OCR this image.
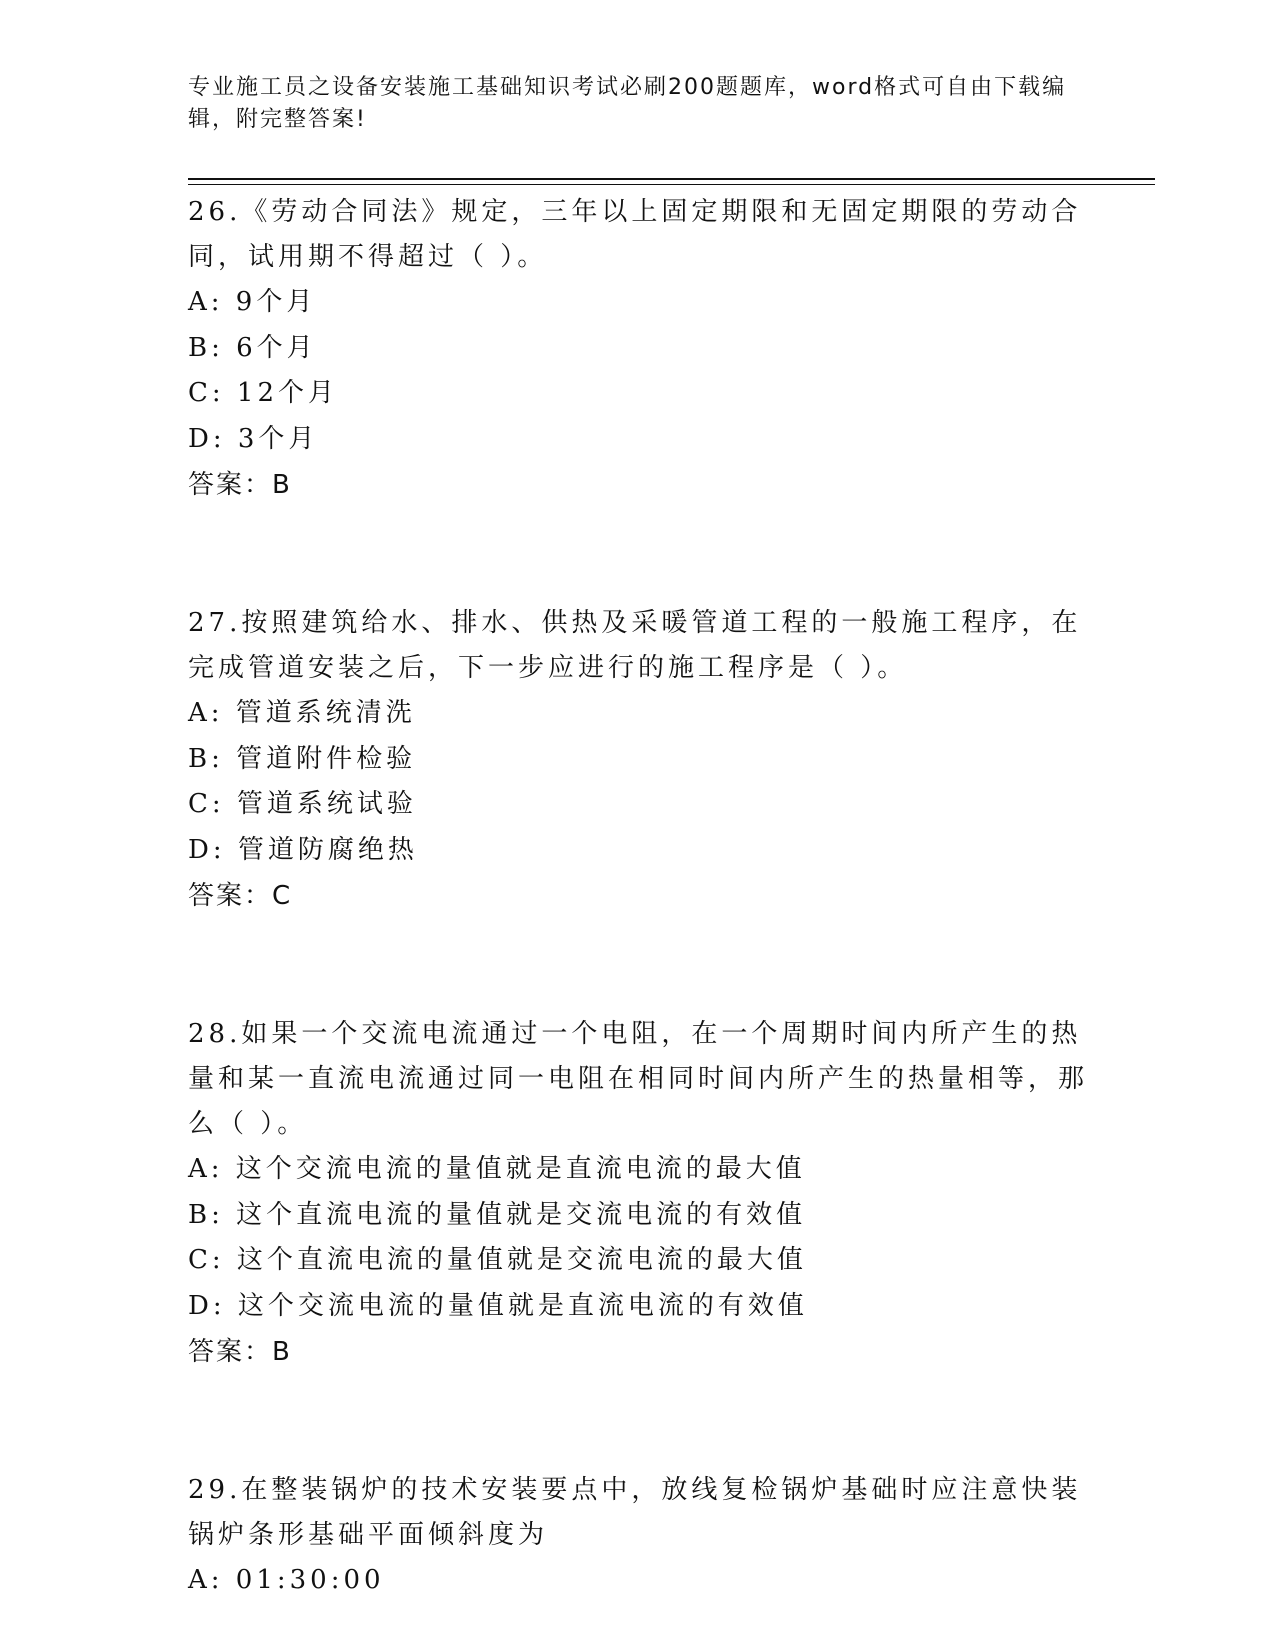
专业施工员之设备安装施工基础知识考试必刷200题题库，word格式可自由下载编辑，附完整答案!

26.《劳动合同法》规定，三年以上固定期限和无固定期限的劳动合同，试用期不得超过（ ）。

A: 9个月

B: 6个月

C: 12个月

D: 3个月

答案：B

27.按照建筑给水、排水、供热及采暖管道工程的一般施工程序，在完成管道安装之后，下一步应进行的施工程序是（ ）。

A: 管道系统清洗

B: 管道附件检验

C: 管道系统试验

D: 管道防腐绝热

答案：C

28.如果一个交流电流通过一个电阻，在一个周期时间内所产生的热量和某一直流电流通过同一电阻在相同时间内所产生的热量相等，那么（ ）。

A: 这个交流电流的量值就是直流电流的最大值

B: 这个直流电流的量值就是交流电流的有效值

C: 这个直流电流的量值就是交流电流的最大值

D: 这个交流电流的量值就是直流电流的有效值

答案：B

29.在整装锅炉的技术安装要点中，放线复检锅炉基础时应注意快装锅炉条形基础平面倾斜度为

A: 01:30:00
